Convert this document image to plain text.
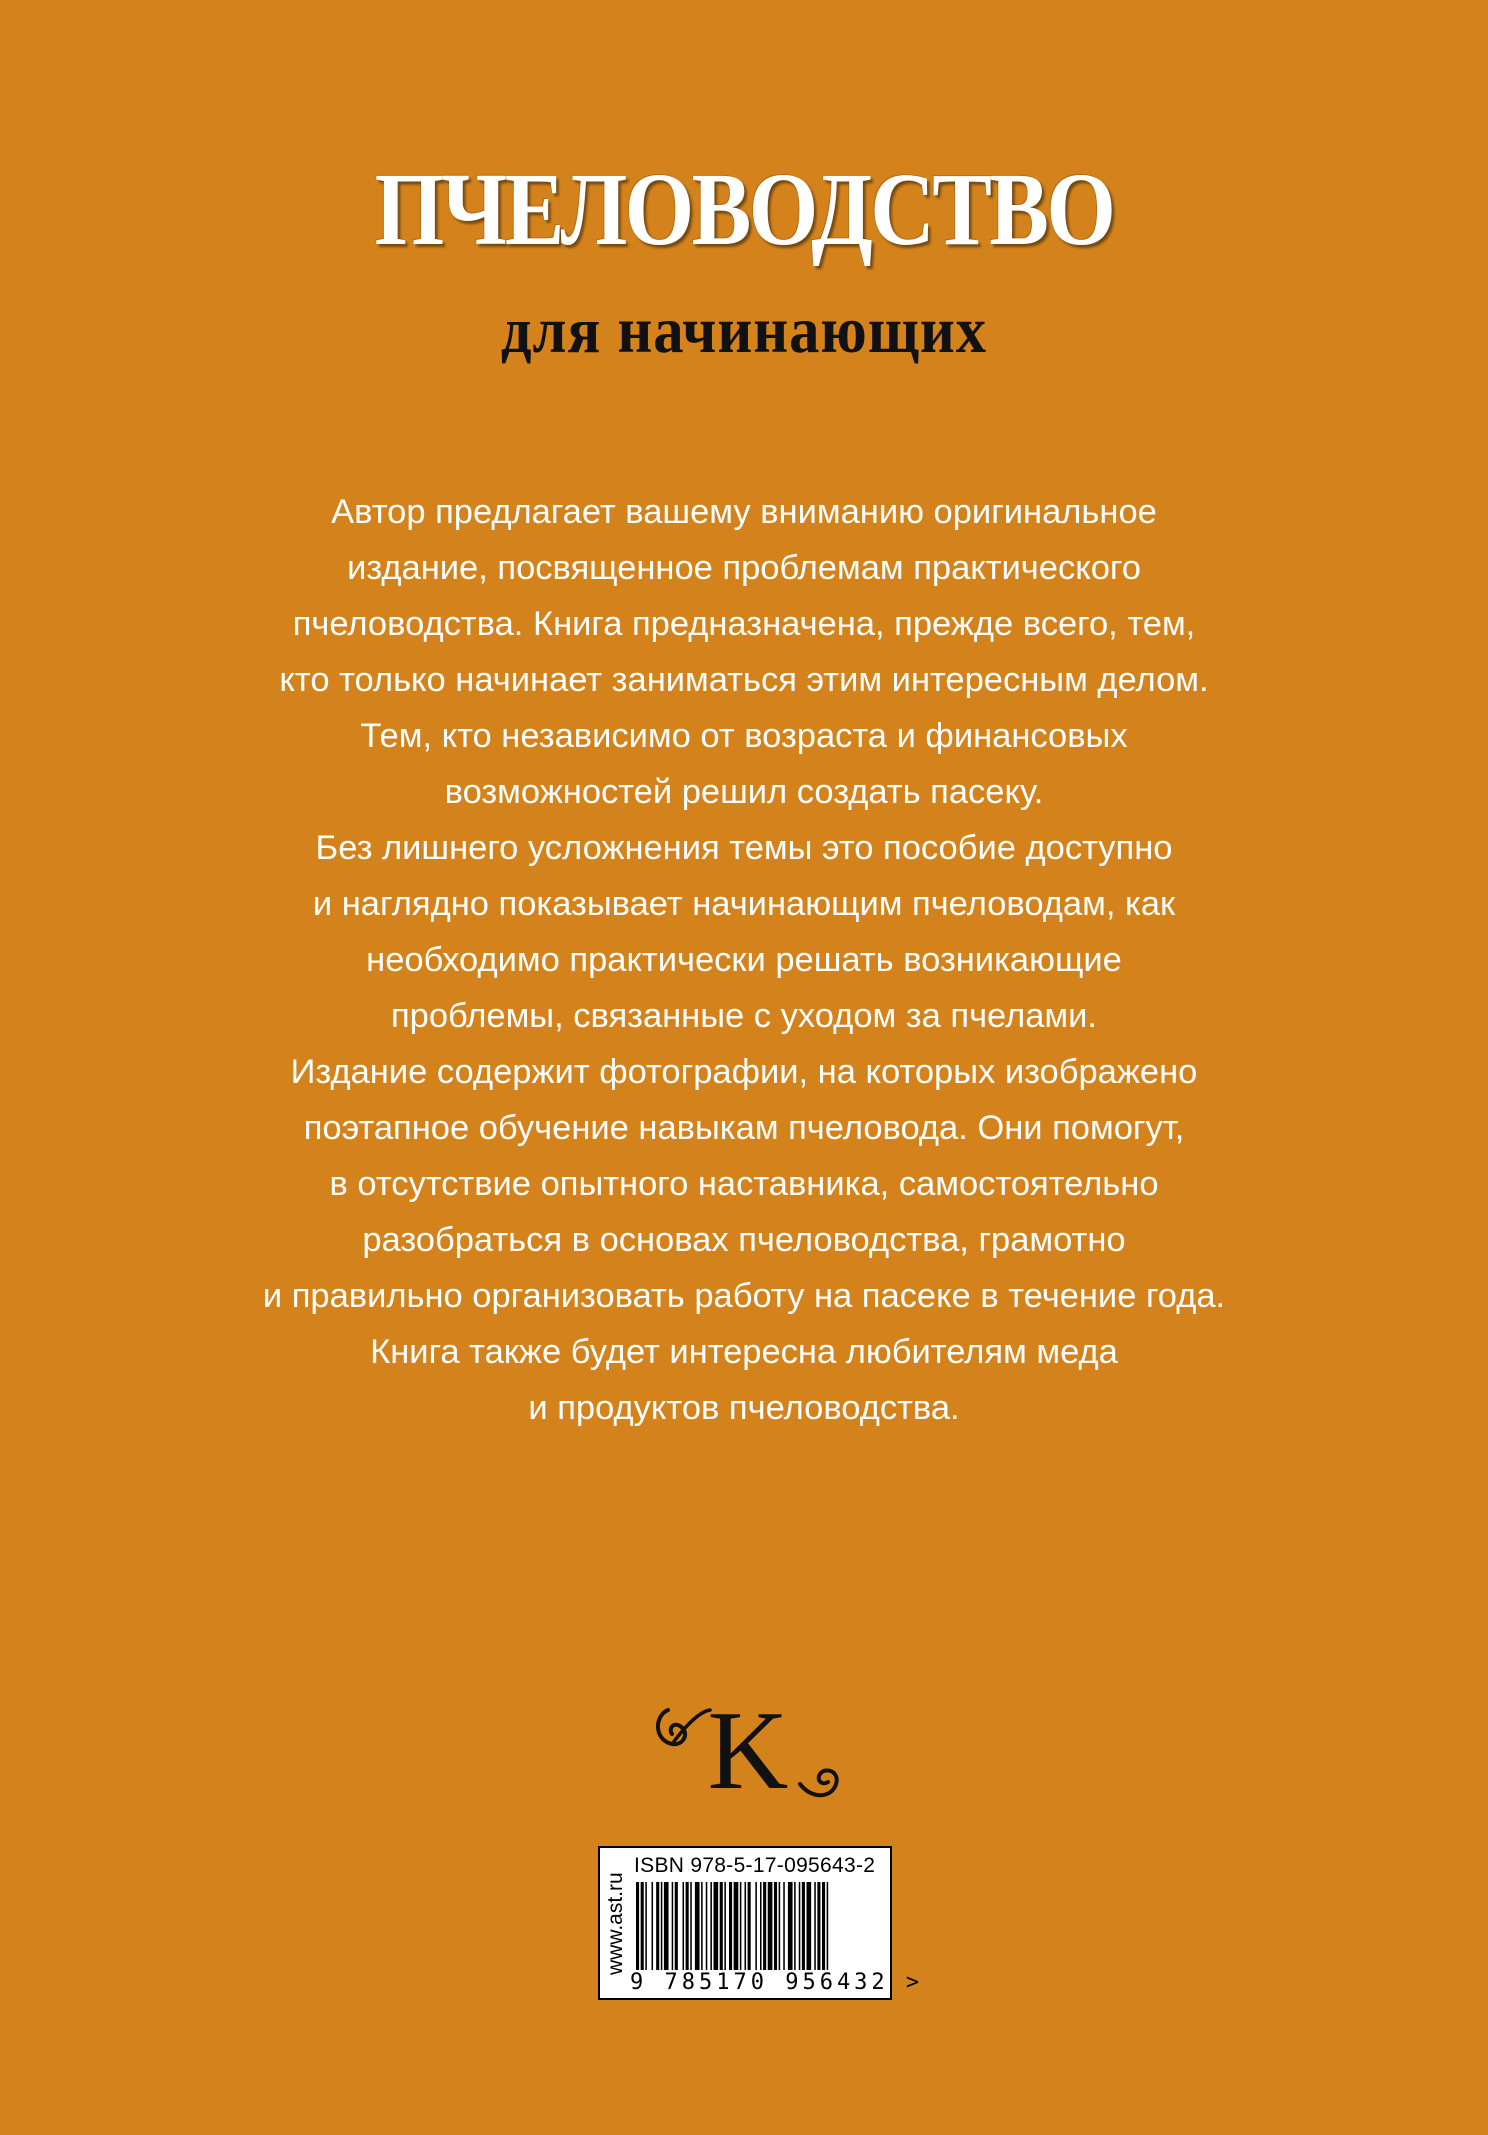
ПЧЕЛОВОДСТВО
для начинающих
Автор предлагает вашему вниманию оригинальное
издание, посвященное проблемам практического
пчеловодства. Книга предназначена, прежде всего, тем,
кто только начинает заниматься этим интересным делом.
Тем, кто независимо от возраста и финансовых
возможностей решил создать пасеку.
Без лишнего усложнения темы это пособие доступно
и наглядно показывает начинающим пчеловодам, как
необходимо практически решать возникающие
проблемы, связанные с уходом за пчелами.
Издание содержит фотографии, на которых изображено
поэтапное обучение навыкам пчеловода. Они помогут,
в отсутствие опытного наставника, самостоятельно
разобраться в основах пчеловодства, грамотно
и правильно организовать работу на пасеке в течение года.
Книга также будет интересна любителям меда
и продуктов пчеловодства.
K
www.ast.ru
ISBN 978-5-17-095643-2
9 785170 956432 >
